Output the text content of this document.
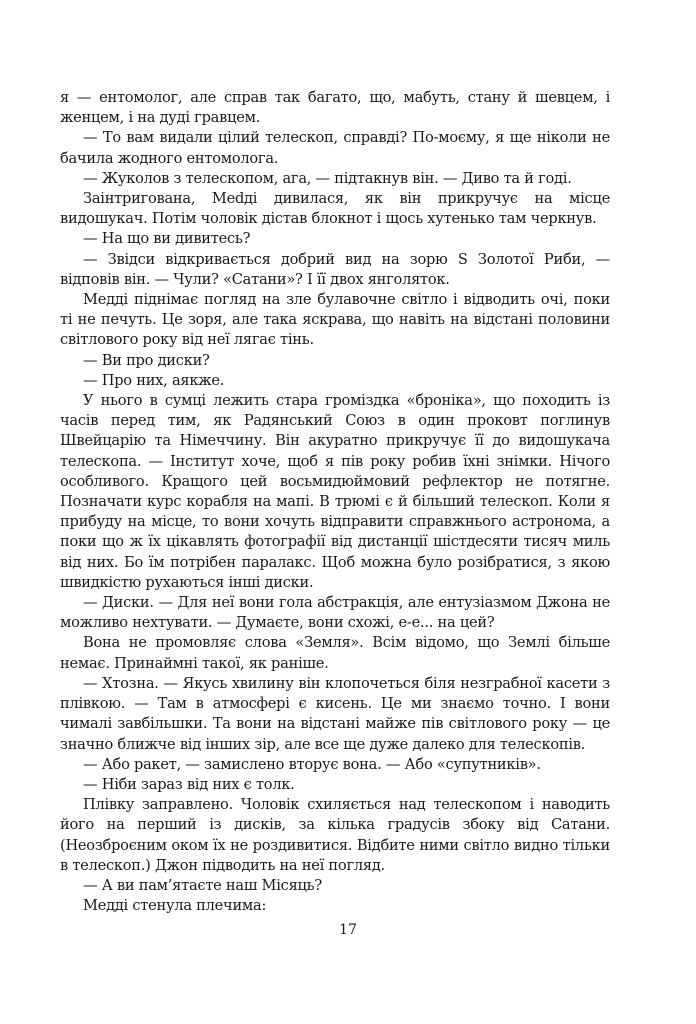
я — ентомолог, але справ так багато, що, мабуть, стану й шевцем, і женцем, і на дуді гравцем.

— То вам видали цілий телескоп, справді? По-моєму, я ще ніколи не бачила жодного ентомолога.

— Жуколов з телескопом, ага, — підтакнув він. — Диво та й годі.

Заінтригована, Мedді дивилася, як він прикручує на місце видошукач. Потім чоловік дістав блокнот і щось хутенько там черкнув.

— На що ви дивитесь?

— Звідси відкривається добрий вид на зорю S Золотої Риби, — відповів він. — Чули? «Сатани»? І її двох янголяток.

Медді піднімає погляд на зле булавочне світло і відводить очі, поки ті не печуть. Це зоря, але така яскрава, що навіть на відстані половини світлового року від неї лягає тінь.

— Ви про диски?

— Про них, аякже.

У нього в сумці лежить стара громіздка «броніка», що походить із часів перед тим, як Радянський Союз в один проковт поглинув Швейцарію та Німеччину. Він акуратно прикручує її до видошукача телескопа. — Інститут хоче, щоб я пів року робив їхні знімки. Нічого особливого. Кращого цей восьмидюймовий рефлектор не потягне. Позначати курс корабля на мапі. В трюмі є й більший телескоп. Коли я прибуду на місце, то вони хочуть відправити справжнього астронома, а поки що ж їх цікавлять фотографії від дистанції шістдесяти тисяч миль від них. Бо їм потрібен паралакс. Щоб можна було розібратися, з якою швидкістю рухаються інші диски.

— Диски. — Для неї вони гола абстракція, але ентузіазмом Джона не можливо нехтувати. — Думаєте, вони схожі, е-е... на цей?

Вона не промовляє слова «Земля». Всім відомо, що Землі більше немає. Принаймні такої, як раніше.

— Хтозна. — Якусь хвилину він клопочеться біля незграбної касети з плівкою. — Там в атмосфері є кисень. Це ми знаємо точно. І вони чималі завбільшки. Та вони на відстані майже пів світлового року — це значно ближче від інших зір, але все ще дуже далеко для телескопів.

— Або ракет, — замислено вторує вона. — Або «супутників».

— Ніби зараз від них є толк.

Плівку заправлено. Чоловік схиляється над телескопом і наводить його на перший із дисків, за кілька градусів збоку від Сатани. (Неозброєним оком їх не роздивитися. Відбите ними світло видно тільки в телескоп.) Джон підводить на неї погляд.

— А ви пам’ятаєте наш Місяць?

Медді стенула плечима:

17
